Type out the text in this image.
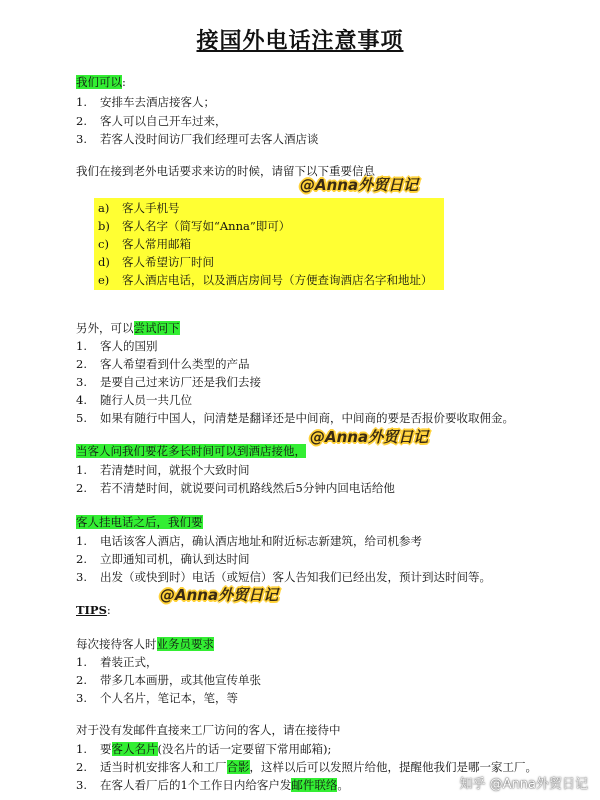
接国外电话注意事项
我们可以:
1. 安排车去酒店接客人；
2. 客人可以自己开车过来，
3. 若客人没时间访厂我们经理可去客人酒店谈
我们在接到老外电话要求来访的时候，请留下以下重要信息
@Anna外贸日记
a) 客人手机号
b) 客人名字（简写如“Anna”即可）
c) 客人常用邮箱
d) 客人希望访厂时间
e) 客人酒店电话，以及酒店房间号（方便查询酒店名字和地址）
另外，可以尝试问下
1. 客人的国别
2. 客人希望看到什么类型的产品
3. 是要自己过来访厂还是我们去接
4. 随行人员一共几位
5. 如果有随行中国人，问清楚是翻译还是中间商，中间商的要是否报价要收取佣金。
@Anna外贸日记
当客人问我们要花多长时间可以到酒店接他，
1. 若清楚时间，就报个大致时间
2. 若不清楚时间，就说要问司机路线然后5分钟内回电话给他
客人挂电话之后，我们要
1. 电话该客人酒店，确认酒店地址和附近标志新建筑，给司机参考
2. 立即通知司机，确认到达时间
3. 出发（或快到时）电话（或短信）客人告知我们已经出发，预计到达时间等。
@Anna外贸日记
TIPS:
每次接待客人时业务员要求
1. 着装正式，
2. 带多几本画册，或其他宣传单张
3. 个人名片，笔记本，笔，等
对于没有发邮件直接来工厂访问的客人，请在接待中
1. 要客人名片(没名片的话一定要留下常用邮箱);
2. 适当时机安排客人和工厂合影，这样以后可以发照片给他，提醒他我们是哪一家工厂。
3. 在客人看厂后的1个工作日内给客户发邮件联络。	知乎 @Anna外贸日记
